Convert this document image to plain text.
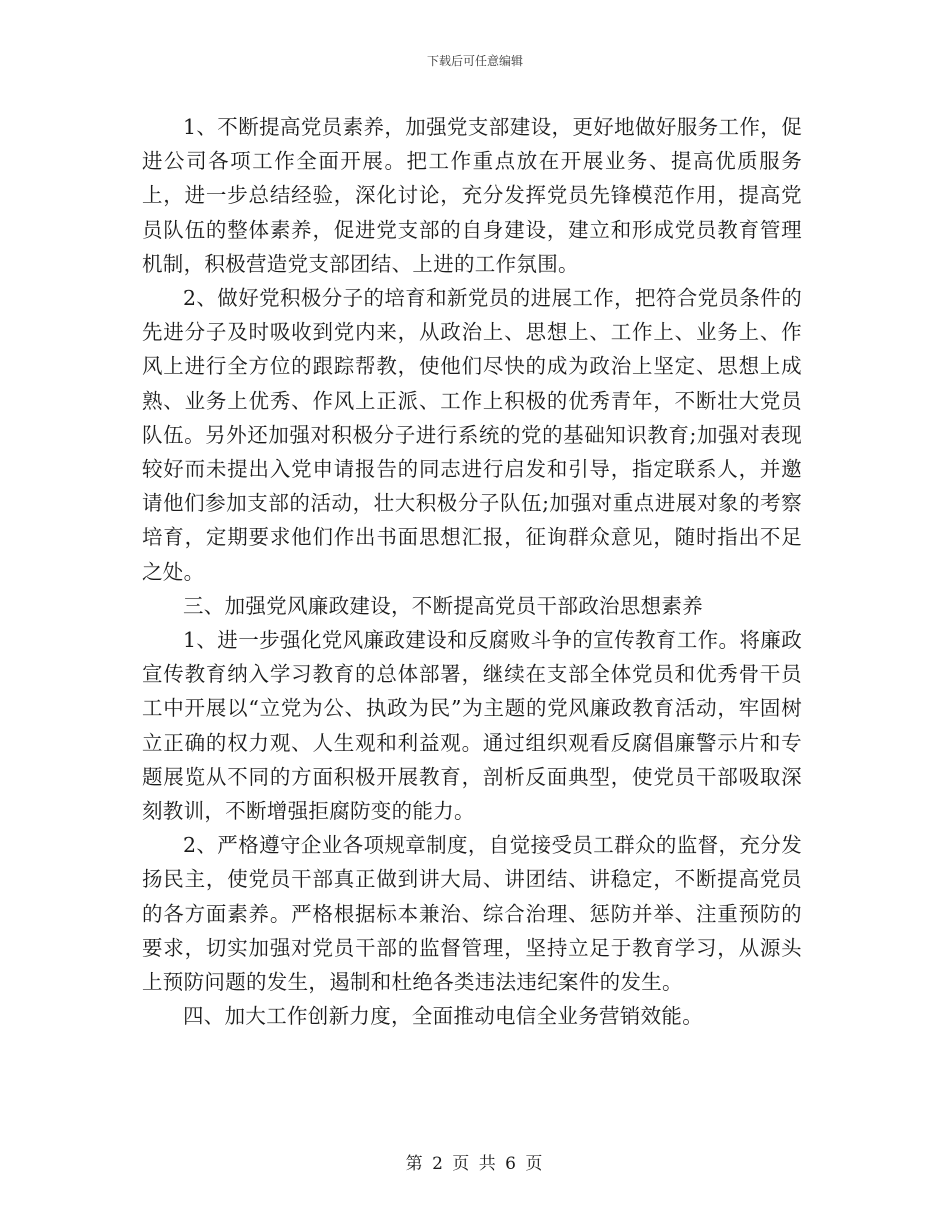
下载后可任意编辑

1、不断提高党员素养，加强党支部建设，更好地做好服务工作，促进公司各项工作全面开展。把工作重点放在开展业务、提高优质服务上，进一步总结经验，深化讨论，充分发挥党员先锋模范作用，提高党员队伍的整体素养，促进党支部的自身建设，建立和形成党员教育管理机制，积极营造党支部团结、上进的工作氛围。

2、做好党积极分子的培育和新党员的进展工作，把符合党员条件的先进分子及时吸收到党内来，从政治上、思想上、工作上、业务上、作风上进行全方位的跟踪帮教，使他们尽快的成为政治上坚定、思想上成熟、业务上优秀、作风上正派、工作上积极的优秀青年，不断壮大党员队伍。另外还加强对积极分子进行系统的党的基础知识教育;加强对表现较好而未提出入党申请报告的同志进行启发和引导，指定联系人，并邀请他们参加支部的活动，壮大积极分子队伍;加强对重点进展对象的考察培育，定期要求他们作出书面思想汇报，征询群众意见，随时指出不足之处。

三、加强党风廉政建设，不断提高党员干部政治思想素养

1、进一步强化党风廉政建设和反腐败斗争的宣传教育工作。将廉政宣传教育纳入学习教育的总体部署，继续在支部全体党员和优秀骨干员工中开展以“立党为公、执政为民”为主题的党风廉政教育活动，牢固树立正确的权力观、人生观和利益观。通过组织观看反腐倡廉警示片和专题展览从不同的方面积极开展教育，剖析反面典型，使党员干部吸取深刻教训，不断增强拒腐防变的能力。

2、严格遵守企业各项规章制度，自觉接受员工群众的监督，充分发扬民主，使党员干部真正做到讲大局、讲团结、讲稳定，不断提高党员的各方面素养。严格根据标本兼治、综合治理、惩防并举、注重预防的要求，切实加强对党员干部的监督管理，坚持立足于教育学习，从源头上预防问题的发生，遏制和杜绝各类违法违纪案件的发生。

四、加大工作创新力度，全面推动电信全业务营销效能。

第 2 页 共 6 页
